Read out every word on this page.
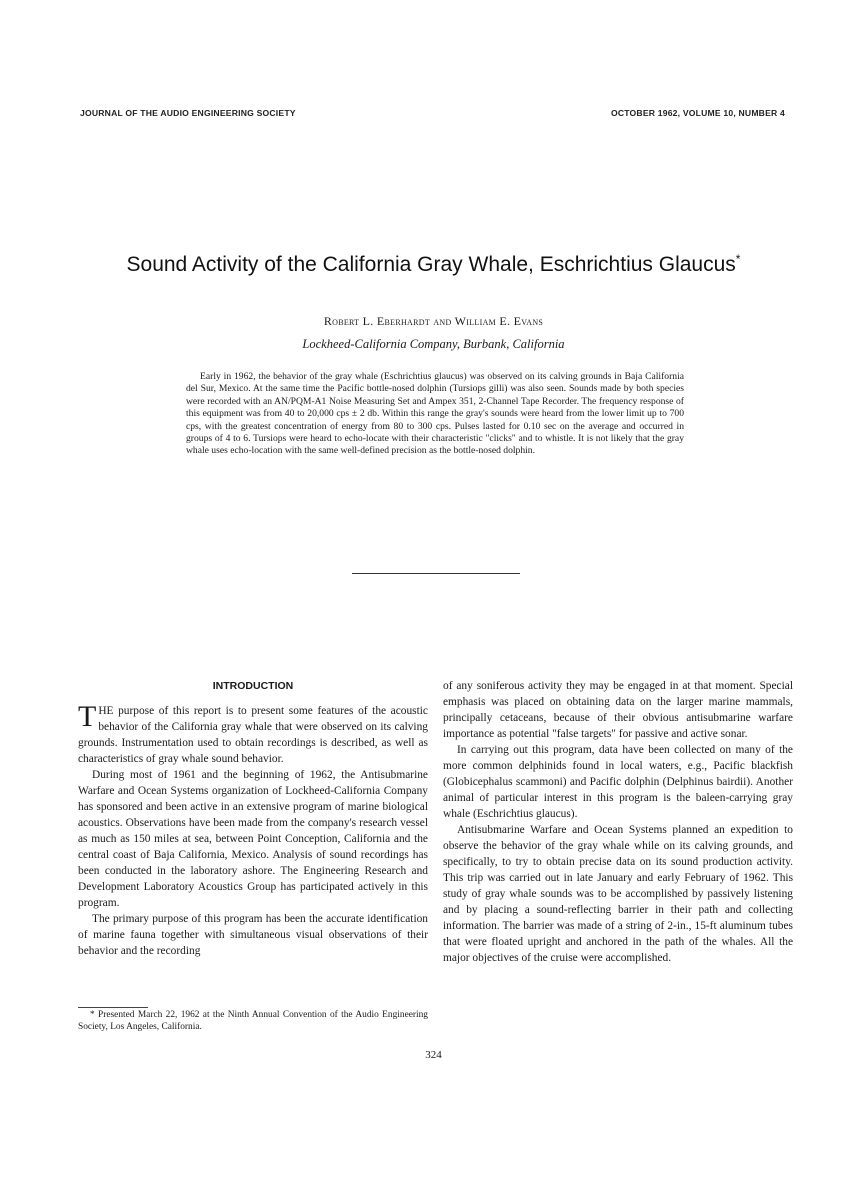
JOURNAL OF THE AUDIO ENGINEERING SOCIETY	OCTOBER 1962, VOLUME 10, NUMBER 4
Sound Activity of the California Gray Whale, Eschrichtius Glaucus*
Robert L. Eberhardt and William E. Evans
Lockheed-California Company, Burbank, California

Early in 1962, the behavior of the gray whale (Eschrichtius glaucus) was observed on its calving grounds in Baja California del Sur, Mexico. At the same time the Pacific bottle-nosed dolphin (Tursiops gilli) was also seen. Sounds made by both species were recorded with an AN/PQM-A1 Noise Measuring Set and Ampex 351, 2-Channel Tape Recorder. The frequency response of this equipment was from 40 to 20,000 cps ± 2 db. Within this range the gray's sounds were heard from the lower limit up to 700 cps, with the greatest concentration of energy from 80 to 300 cps. Pulses lasted for 0.10 sec on the average and occurred in groups of 4 to 6. Tursiops were heard to echo-locate with their characteristic "clicks" and to whistle. It is not likely that the gray whale uses echo-location with the same well-defined precision as the bottle-nosed dolphin.

INTRODUCTION

THE purpose of this report is to present some features of the acoustic behavior of the California gray whale that were observed on its calving grounds. Instrumentation used to obtain recordings is described, as well as characteristics of gray whale sound behavior.

During most of 1961 and the beginning of 1962, the Antisubmarine Warfare and Ocean Systems organization of Lockheed-California Company has sponsored and been active in an extensive program of marine biological acoustics. Observations have been made from the company's research vessel as much as 150 miles at sea, between Point Conception, California and the central coast of Baja California, Mexico. Analysis of sound recordings has been conducted in the laboratory ashore. The Engineering Research and Development Laboratory Acoustics Group has participated actively in this program.

The primary purpose of this program has been the accurate identification of marine fauna together with simultaneous visual observations of their behavior and the recording

of any soniferous activity they may be engaged in at that moment. Special emphasis was placed on obtaining data on the larger marine mammals, principally cetaceans, because of their obvious antisubmarine warfare importance as potential "false targets" for passive and active sonar.

In carrying out this program, data have been collected on many of the more common delphinids found in local waters, e.g., Pacific blackfish (Globicephalus scammoni) and Pacific dolphin (Delphinus bairdii). Another animal of particular interest in this program is the baleen-carrying gray whale (Eschrichtius glaucus).

Antisubmarine Warfare and Ocean Systems planned an expedition to observe the behavior of the gray whale while on its calving grounds, and specifically, to try to obtain precise data on its sound production activity. This trip was carried out in late January and early February of 1962. This study of gray whale sounds was to be accomplished by passively listening and by placing a sound-reflecting barrier in their path and collecting information. The barrier was made of a string of 2-in., 15-ft aluminum tubes that were floated upright and anchored in the path of the whales. All the major objectives of the cruise were accomplished.

* Presented March 22, 1962 at the Ninth Annual Convention of the Audio Engineering Society, Los Angeles, California.

324
